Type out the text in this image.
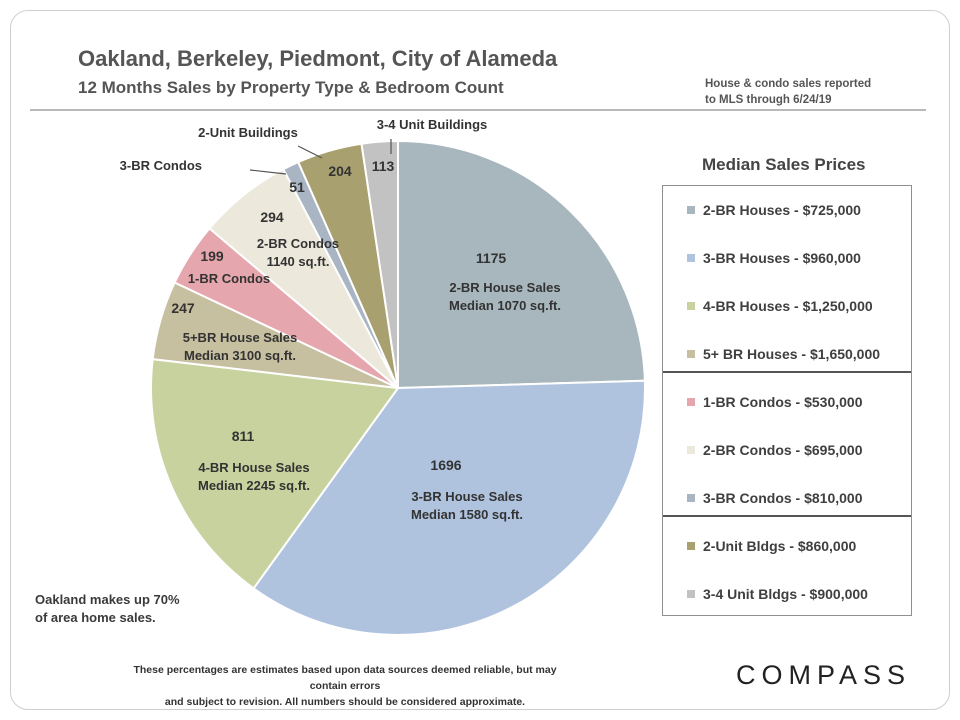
Oakland, Berkeley, Piedmont, City of Alameda
12 Months Sales by Property Type & Bedroom Count	House & condo sales reported
to MLS through 6/24/19
1175
2-BR House Sales Median 1070 sq.ft.
1696
3-BR House Sales Median 1580 sq.ft.
811
4-BR House Sales Median 2245 sq.ft.
247
5+BR House Sales Median 3100 sq.ft.
199
1-BR Condos
294
2-BR Condos 1140 sq.ft.
51
3-BR Condos	204
2-Unit Buildings
113
3-4 Unit Buildings
Median Sales Prices
2-BR Houses - $725,000
3-BR Houses - $960,000
4-BR Houses - $1,250,000
5+ BR Houses - $1,650,000
1-BR Condos - $530,000
2-BR Condos - $695,000
3-BR Condos - $810,000
2-Unit Bldgs - $860,000
3-4 Unit Bldgs - $900,000
Oakland makes up 70%
of area home sales.
These percentages are estimates based upon data sources deemed reliable, but may contain errors
and subject to revision. All numbers should be considered approximate.
COMPASS
